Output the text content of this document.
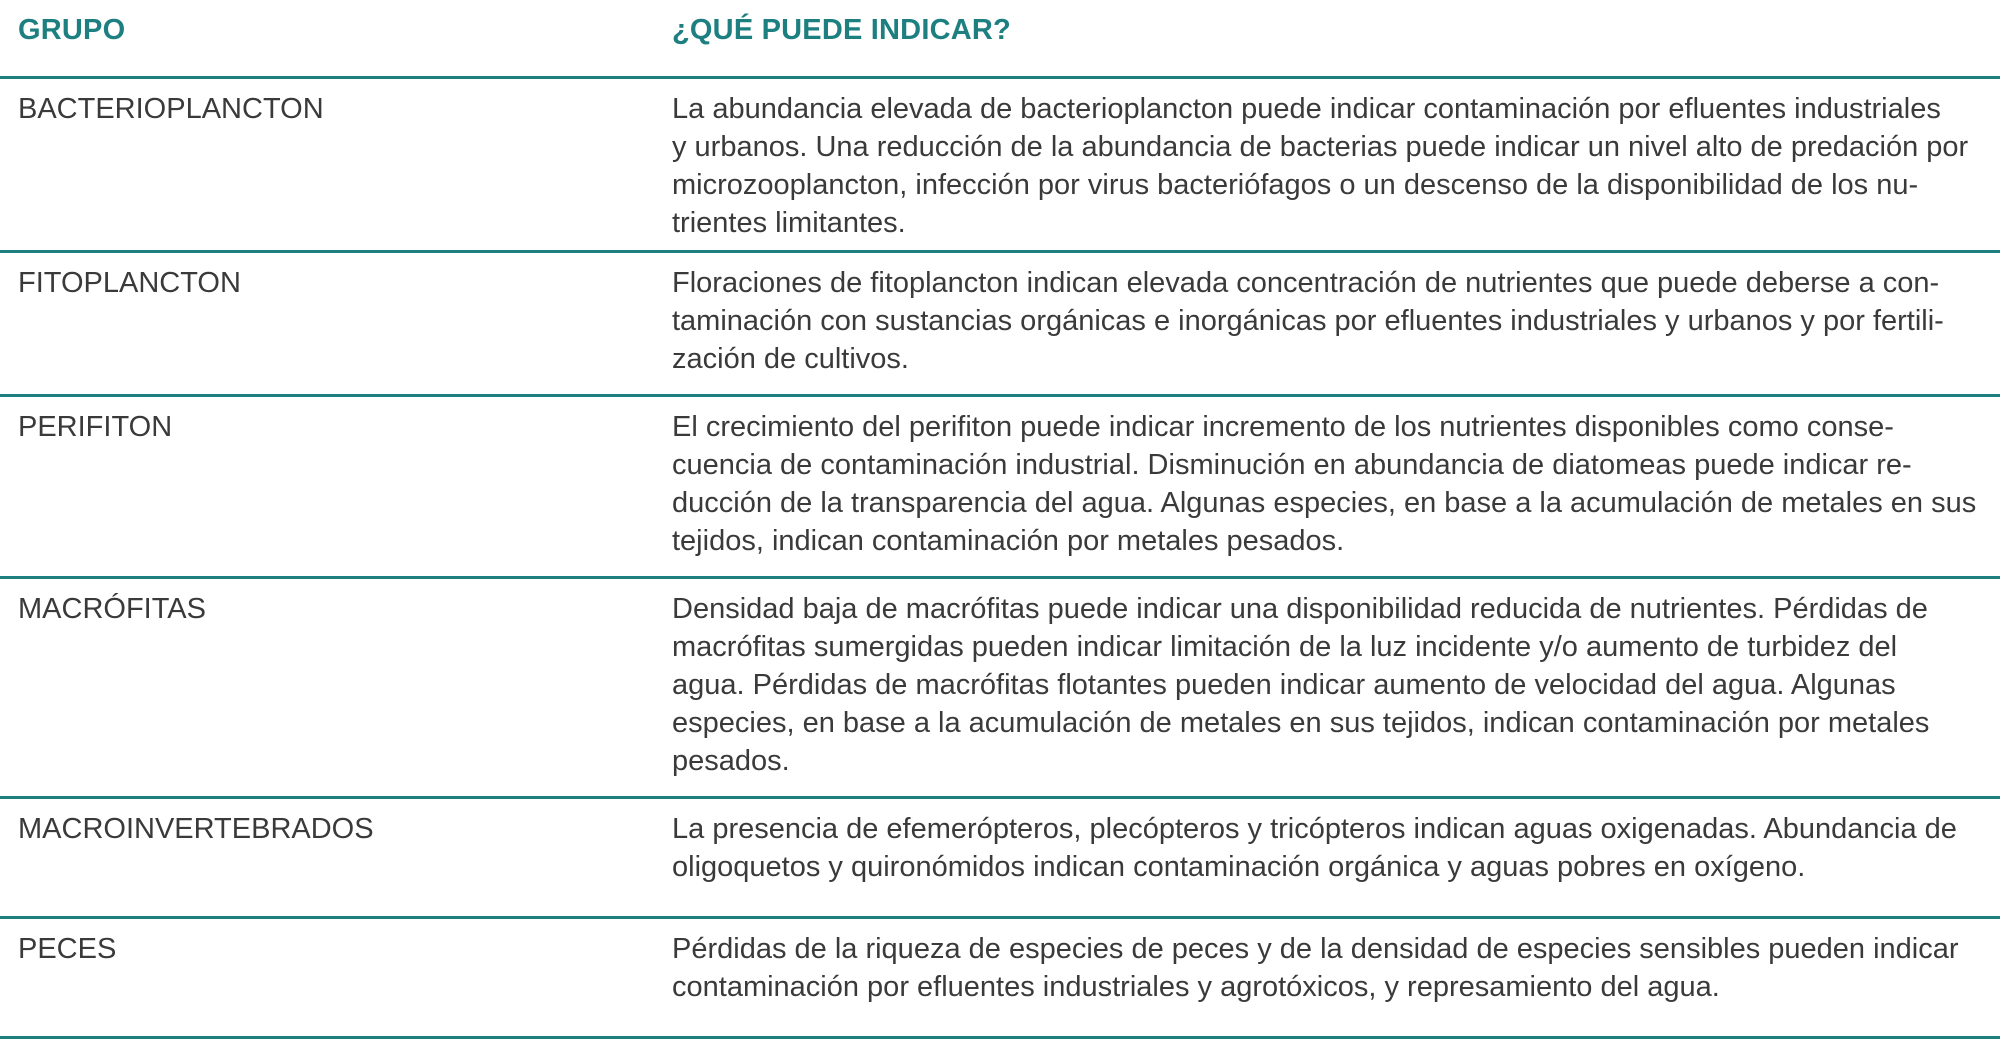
GRUPO	¿QUÉ PUEDE INDICAR?
BACTERIOPLANCTON	La abundancia elevada de bacterioplancton puede indicar contaminación por efluentes industriales
y urbanos. Una reducción de la abundancia de bacterias puede indicar un nivel alto de predación por
microzooplancton, infección por virus bacteriófagos o un descenso de la disponibilidad de los nu-
trientes limitantes.
FITOPLANCTON	Floraciones de fitoplancton indican elevada concentración de nutrientes que puede deberse a con-
taminación con sustancias orgánicas e inorgánicas por efluentes industriales y urbanos y por fertili-
zación de cultivos.
PERIFITON	El crecimiento del perifiton puede indicar incremento de los nutrientes disponibles como conse-
cuencia de contaminación industrial. Disminución en abundancia de diatomeas puede indicar re-
ducción de la transparencia del agua. Algunas especies, en base a la acumulación de metales en sus
tejidos, indican contaminación por metales pesados.
MACRÓFITAS	Densidad baja de macrófitas puede indicar una disponibilidad reducida de nutrientes. Pérdidas de
macrófitas sumergidas pueden indicar limitación de la luz incidente y/o aumento de turbidez del
agua. Pérdidas de macrófitas flotantes pueden indicar aumento de velocidad del agua. Algunas
especies, en base a la acumulación de metales en sus tejidos, indican contaminación por metales
pesados.
MACROINVERTEBRADOS	La presencia de efemerópteros, plecópteros y tricópteros indican aguas oxigenadas. Abundancia de
oligoquetos y quironómidos indican contaminación orgánica y aguas pobres en oxígeno.
PECES	Pérdidas de la riqueza de especies de peces y de la densidad de especies sensibles pueden indicar
contaminación por efluentes industriales y agrotóxicos, y represamiento del agua.
